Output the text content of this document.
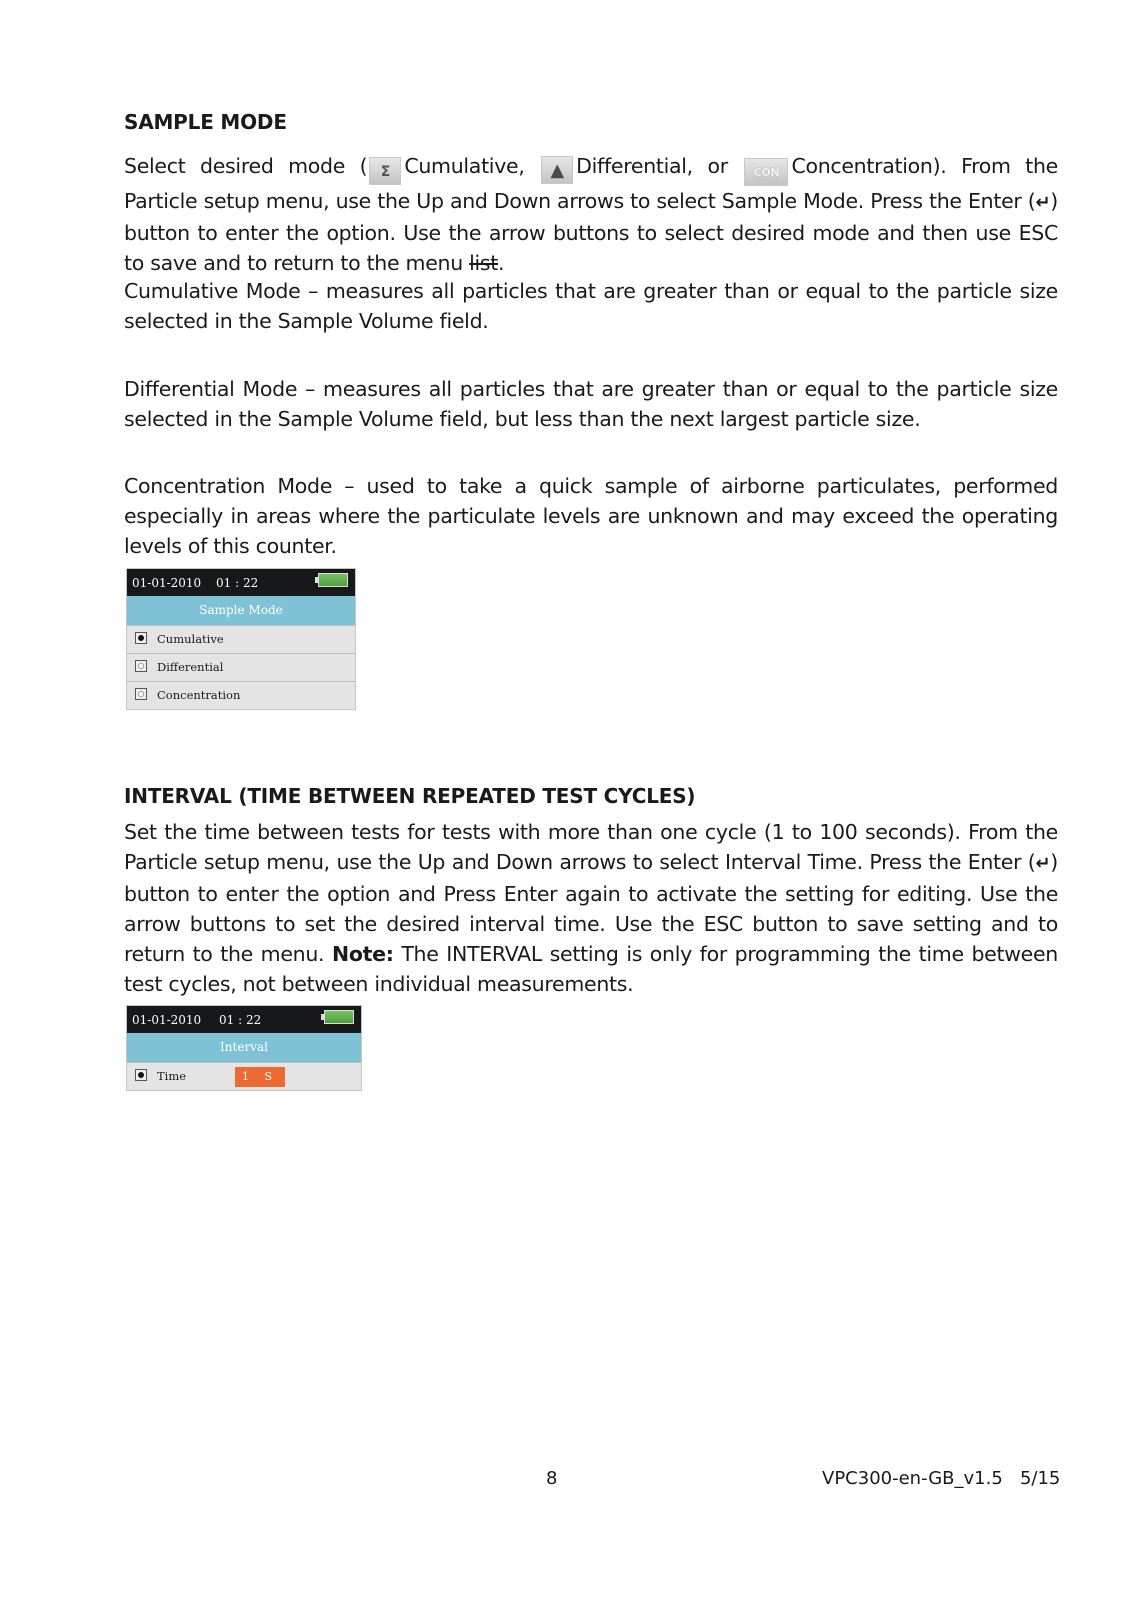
SAMPLE MODE

Select desired mode ( Σ Cumulative, ▲ Differential, or CON Concentration). From the Particle setup menu, use the Up and Down arrows to select Sample Mode. Press the Enter (↵) button to enter the option. Use the arrow buttons to select desired mode and then use ESC to save and to return to the menu list.

Cumulative Mode – measures all particles that are greater than or equal to the particle size selected in the Sample Volume field.

Differential Mode – measures all particles that are greater than or equal to the particle size selected in the Sample Volume field, but less than the next largest particle size.

Concentration Mode – used to take a quick sample of airborne particulates, performed especially in areas where the particulate levels are unknown and may exceed the operating levels of this counter.

01-01-2010 01 : 22
Sample Mode
Cumulative
Differential
Concentration

INTERVAL (TIME BETWEEN REPEATED TEST CYCLES)

Set the time between tests for tests with more than one cycle (1 to 100 seconds). From the Particle setup menu, use the Up and Down arrows to select Interval Time. Press the Enter (↵) button to enter the option and Press Enter again to activate the setting for editing. Use the arrow buttons to set the desired interval time. Use the ESC button to save setting and to return to the menu. Note: The INTERVAL setting is only for programming the time between test cycles, not between individual measurements.

01-01-2010 01 : 22
Interval
Time	1 S
8	VPC300-en-GB_v1.5   5/15
